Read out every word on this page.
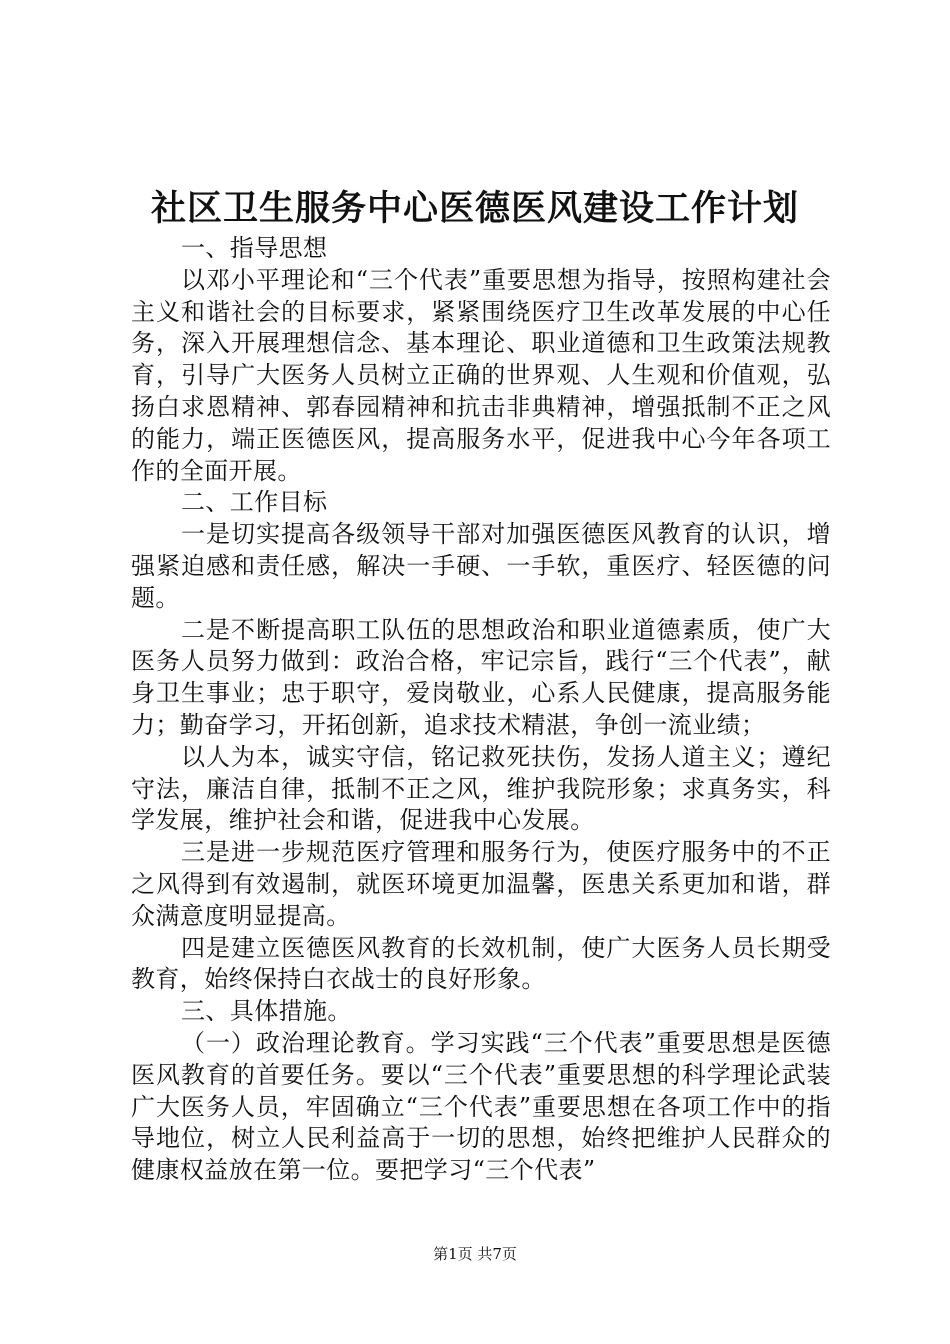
社区卫生服务中心医德医风建设工作计划

一、指导思想

以邓小平理论和“三个代表”重要思想为指导，按照构建社会主义和谐社会的目标要求，紧紧围绕医疗卫生改革发展的中心任务，深入开展理想信念、基本理论、职业道德和卫生政策法规教育，引导广大医务人员树立正确的世界观、人生观和价值观，弘扬白求恩精神、郭春园精神和抗击非典精神，增强抵制不正之风的能力，端正医德医风，提高服务水平，促进我中心今年各项工作的全面开展。

二、工作目标

一是切实提高各级领导干部对加强医德医风教育的认识，增强紧迫感和责任感，解决一手硬、一手软，重医疗、轻医德的问题。

二是不断提高职工队伍的思想政治和职业道德素质，使广大医务人员努力做到：政治合格，牢记宗旨，践行“三个代表”，献身卫生事业；忠于职守，爱岗敬业，心系人民健康，提高服务能力；勤奋学习，开拓创新，追求技术精湛，争创一流业绩；

以人为本，诚实守信，铭记救死扶伤，发扬人道主义；遵纪守法，廉洁自律，抵制不正之风，维护我院形象；求真务实，科学发展，维护社会和谐，促进我中心发展。

三是进一步规范医疗管理和服务行为，使医疗服务中的不正之风得到有效遏制，就医环境更加温馨，医患关系更加和谐，群众满意度明显提高。

四是建立医德医风教育的长效机制，使广大医务人员长期受教育，始终保持白衣战士的良好形象。

三、具体措施。

（一）政治理论教育。学习实践“三个代表”重要思想是医德医风教育的首要任务。要以“三个代表”重要思想的科学理论武装广大医务人员，牢固确立“三个代表”重要思想在各项工作中的指导地位，树立人民利益高于一切的思想，始终把维护人民群众的健康权益放在第一位。要把学习“三个代表”

第1页 共7页
